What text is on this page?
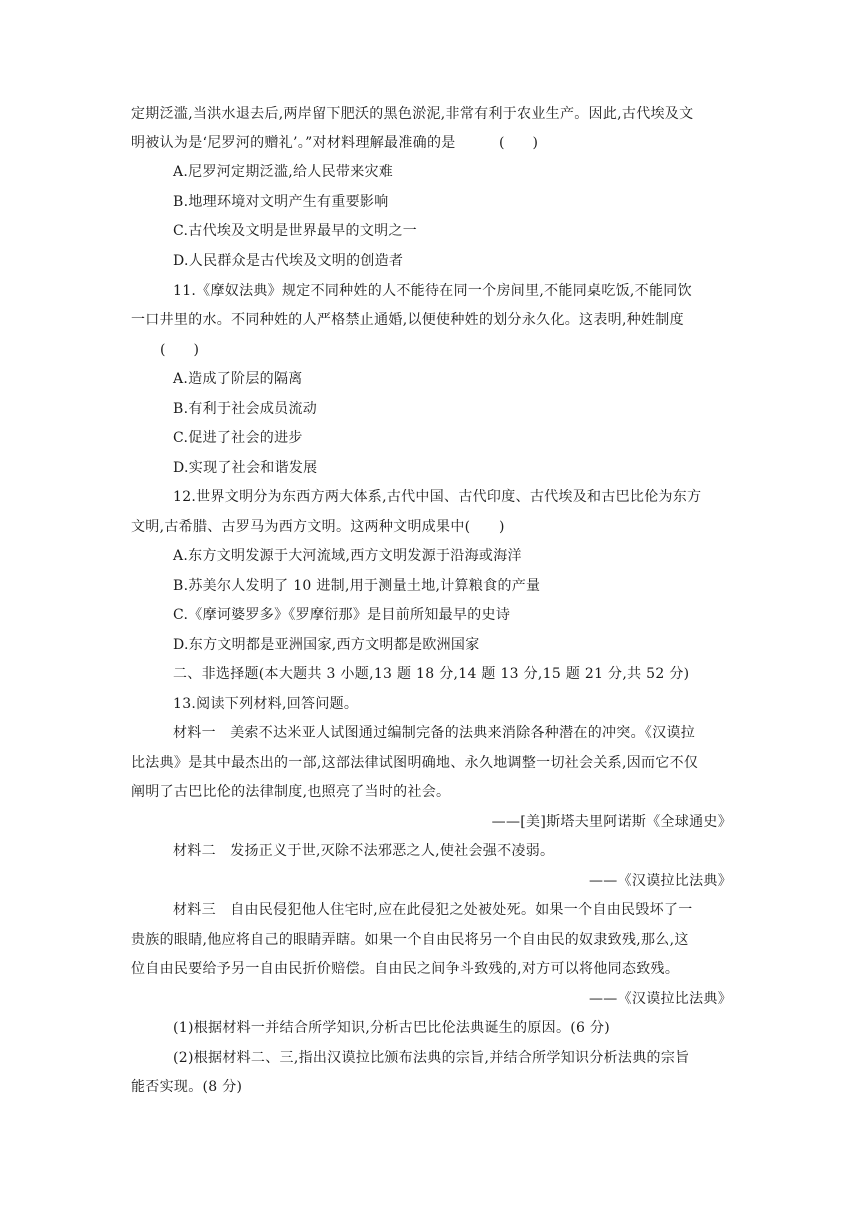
定期泛滥,当洪水退去后,两岸留下肥沃的黑色淤泥,非常有利于农业生产。因此,古代埃及文
明被认为是‘尼罗河的赠礼’。”对材料理解最准确的是	(　　)
A.尼罗河定期泛滥,给人民带来灾难
B.地理环境对文明产生有重要影响
C.古代埃及文明是世界最早的文明之一
D.人民群众是古代埃及文明的创造者
11.《摩奴法典》规定不同种姓的人不能待在同一个房间里,不能同桌吃饭,不能同饮
一口井里的水。不同种姓的人严格禁止通婚,以便使种姓的划分永久化。这表明,种姓制度
(　　)
A.造成了阶层的隔离
B.有利于社会成员流动
C.促进了社会的进步
D.实现了社会和谐发展
12.世界文明分为东西方两大体系,古代中国、古代印度、古代埃及和古巴比伦为东方
文明,古希腊、古罗马为西方文明。这两种文明成果中(　　)
A.东方文明发源于大河流域,西方文明发源于沿海或海洋
B.苏美尔人发明了 10 进制,用于测量土地,计算粮食的产量
C.《摩诃婆罗多》《罗摩衍那》是目前所知最早的史诗
D.东方文明都是亚洲国家,西方文明都是欧洲国家
二、非选择题(本大题共 3 小题,13 题 18 分,14 题 13 分,15 题 21 分,共 52 分)
13.阅读下列材料,回答问题。
材料一　美索不达米亚人试图通过编制完备的法典来消除各种潜在的冲突。《汉谟拉
比法典》是其中最杰出的一部,这部法律试图明确地、永久地调整一切社会关系,因而它不仅
阐明了古巴比伦的法律制度,也照亮了当时的社会。
——[美]斯塔夫里阿诺斯《全球通史》
材料二　发扬正义于世,灭除不法邪恶之人,使社会强不凌弱。
——《汉谟拉比法典》
材料三　自由民侵犯他人住宅时,应在此侵犯之处被处死。如果一个自由民毁坏了一
贵族的眼睛,他应将自己的眼睛弄瞎。如果一个自由民将另一个自由民的奴隶致残,那么,这
位自由民要给予另一自由民折价赔偿。自由民之间争斗致残的,对方可以将他同态致残。
——《汉谟拉比法典》
(1)根据材料一并结合所学知识,分析古巴比伦法典诞生的原因。(6 分)
(2)根据材料二、三,指出汉谟拉比颁布法典的宗旨,并结合所学知识分析法典的宗旨
能否实现。(8 分)
